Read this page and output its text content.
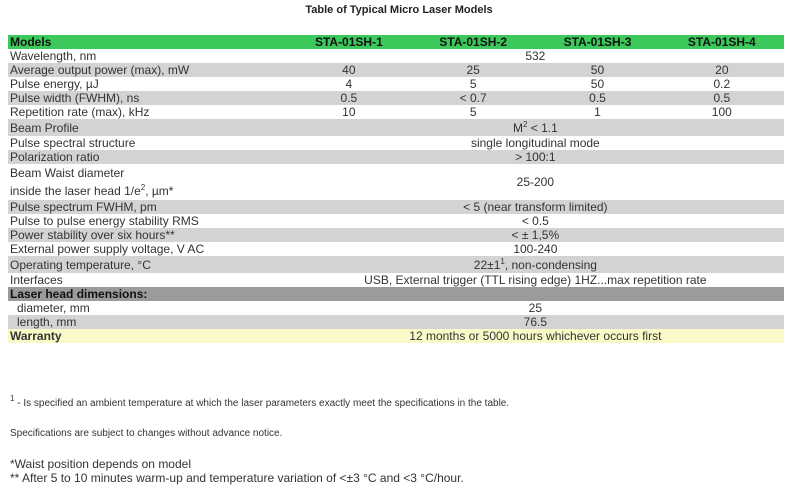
Table of Typical Micro Laser Models
Models	STA-01SH-1	STA-01SH-2	STA-01SH-3	STA-01SH-4
Wavelength, nm	532			
Average output power (max), mW	40	25	50	20
Pulse energy, µJ	4	5	50	0.2
Pulse width (FWHM), ns	0.5	< 0.7	0.5	0.5
Repetition rate (max), kHz	10	5	1	100
Beam Profile	$M^2 < 1.1$			
Pulse spectral structure	single longitudinal mode			
Polarization ratio	> 100:1			
Beam Waist diameter
inside the laser head $1/e^2$, µm*	25-200			
Pulse spectrum FWHM, pm	< 5 (near transform limited)			
Pulse to pulse energy stability RMS	< 0.5			
Power stability over six hours**	< ± 1,5%			
External power supply voltage, V AC	100-240			
Operating temperature, °C	$22\pm 1^1$, non-condensing			
Interfaces	USB, External trigger (TTL rising edge) 1HZ...max repetition rate			
Laser head dimensions:				
diameter, mm	25			
length, mm	76.5			
Warranty	12 months or 5000 hours whichever occurs first			
$^1$ - Is specified an ambient temperature at which the laser parameters exactly meet the specifications in the table.
Specifications are subject to changes without advance notice.
*Waist position depends on model
** After 5 to 10 minutes warm-up and temperature variation of <±3 °C and <3 °C/hour.
